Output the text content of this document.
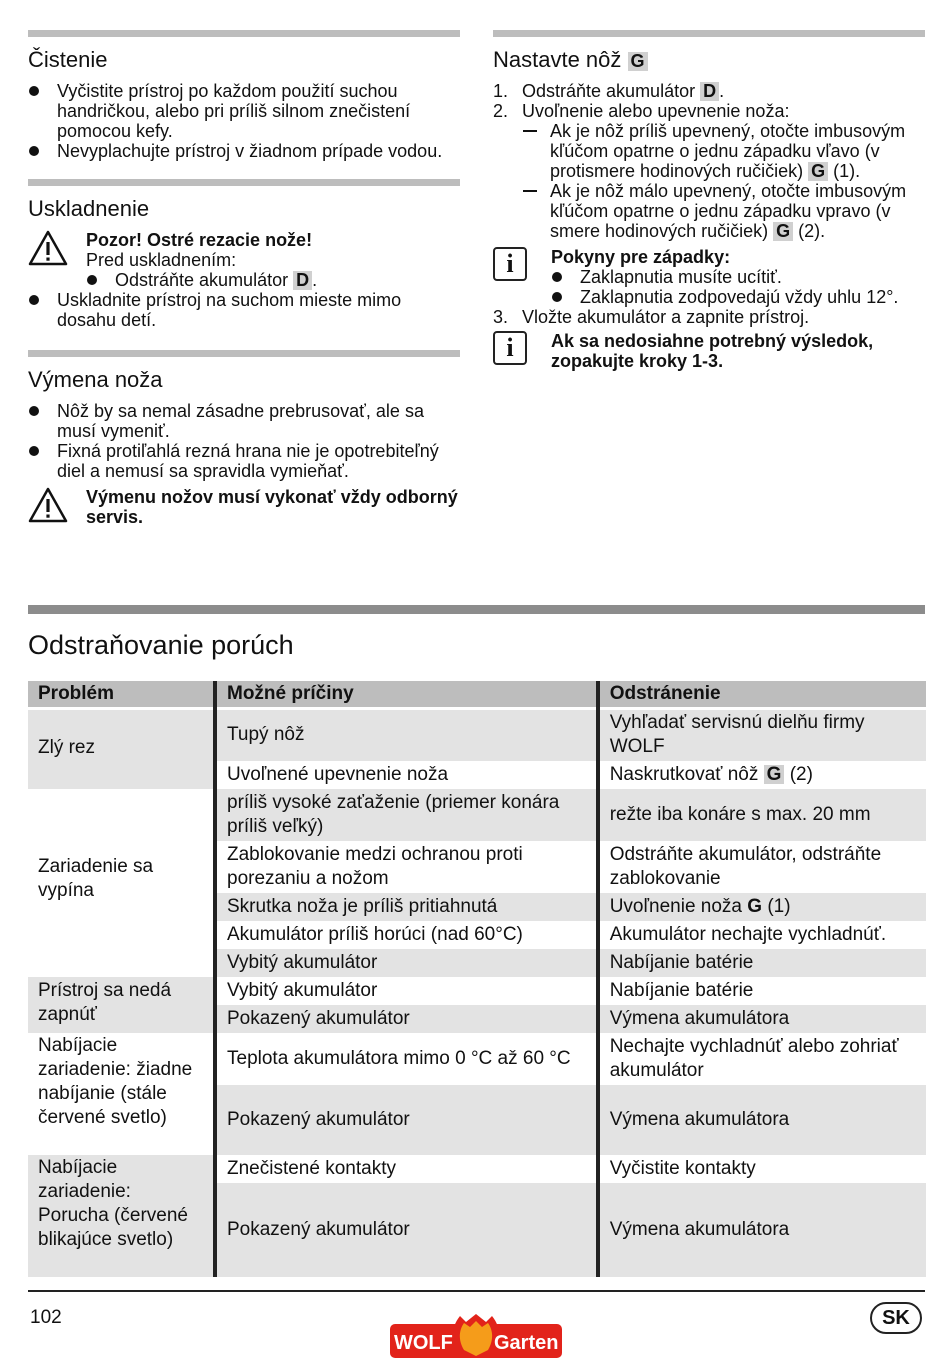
Čistenie
Vyčistite prístroj po každom použití suchou handričkou, alebo pri príliš silnom znečistení pomocou kefy.
Nevyplachujte prístroj v žiadnom prípade vodou.
Uskladnenie
Pozor! Ostré rezacie nože!
Pred uskladnením:
Odstráňte akumulátor D .
Uskladnite prístroj na suchom mieste mimo dosahu detí.
Výmena noža
Nôž by sa nemal zásadne prebrusovať, ale sa musí vymeniť.
Fixná protiľahlá rezná hrana nie je opotrebiteľný diel a nemusí sa spravidla vymieňať.
Výmenu nožov musí vykonať vždy odborný servis.
Nastavte nôž G
1. Odstráňte akumulátor D .
2. Uvoľnenie alebo upevnenie noža:
Ak je nôž príliš upevnený, otočte imbusovým kľúčom opatrne o jednu západku vľavo (v protismere hodinových ručičiek) G (1).
Ak je nôž málo upevnený, otočte imbusovým kľúčom opatrne o jednu západku vpravo (v smere hodinových ručičiek) G (2).
i	Pokyny pre západky:
Zaklapnutia musíte ucítiť.
Zaklapnutia zodpovedajú vždy uhlu 12°.
3. Vložte akumulátor a zapnite prístroj.
i	Ak sa nedosiahne potrebný výsledok, zopakujte kroky 1-3.
Odstraňovanie porúch
Problém	Možné príčiny	Odstránenie
Zlý rez	Tupý nôž	Vyhľadať servisnú dielňu firmy WOLF
	Uvoľnené upevnenie noža	Naskrutkovať nôž G (2)
Zariadenie sa vypína	príliš vysoké zaťaženie (priemer konára príliš veľký)	režte iba konáre s max. 20 mm
	Zablokovanie medzi ochranou proti porezaniu a nožom	Odstráňte akumulátor, odstráňte zablokovanie
	Skrutka noža je príliš pritiahnutá	Uvoľnenie noža G (1)
	Akumulátor príliš horúci (nad 60°C)	Akumulátor nechajte vychladnúť.
	Vybitý akumulátor	Nabíjanie batérie
Prístroj sa nedá zapnúť	Vybitý akumulátor	Nabíjanie batérie
	Pokazený akumulátor	Výmena akumulátora
Nabíjacie zariadenie: žiadne nabíjanie (stále červené svetlo)	Teplota akumulátora mimo 0 °C až 60 °C	Nechajte vychladnúť alebo zohriať akumulátor
	Pokazený akumulátor	Výmena akumulátora
Nabíjacie zariadenie: Porucha (červené blikajúce svetlo)	Znečistené kontakty	Vyčistite kontakty
	Pokazený akumulátor	Výmena akumulátora
102	SK
WOLF Garten
